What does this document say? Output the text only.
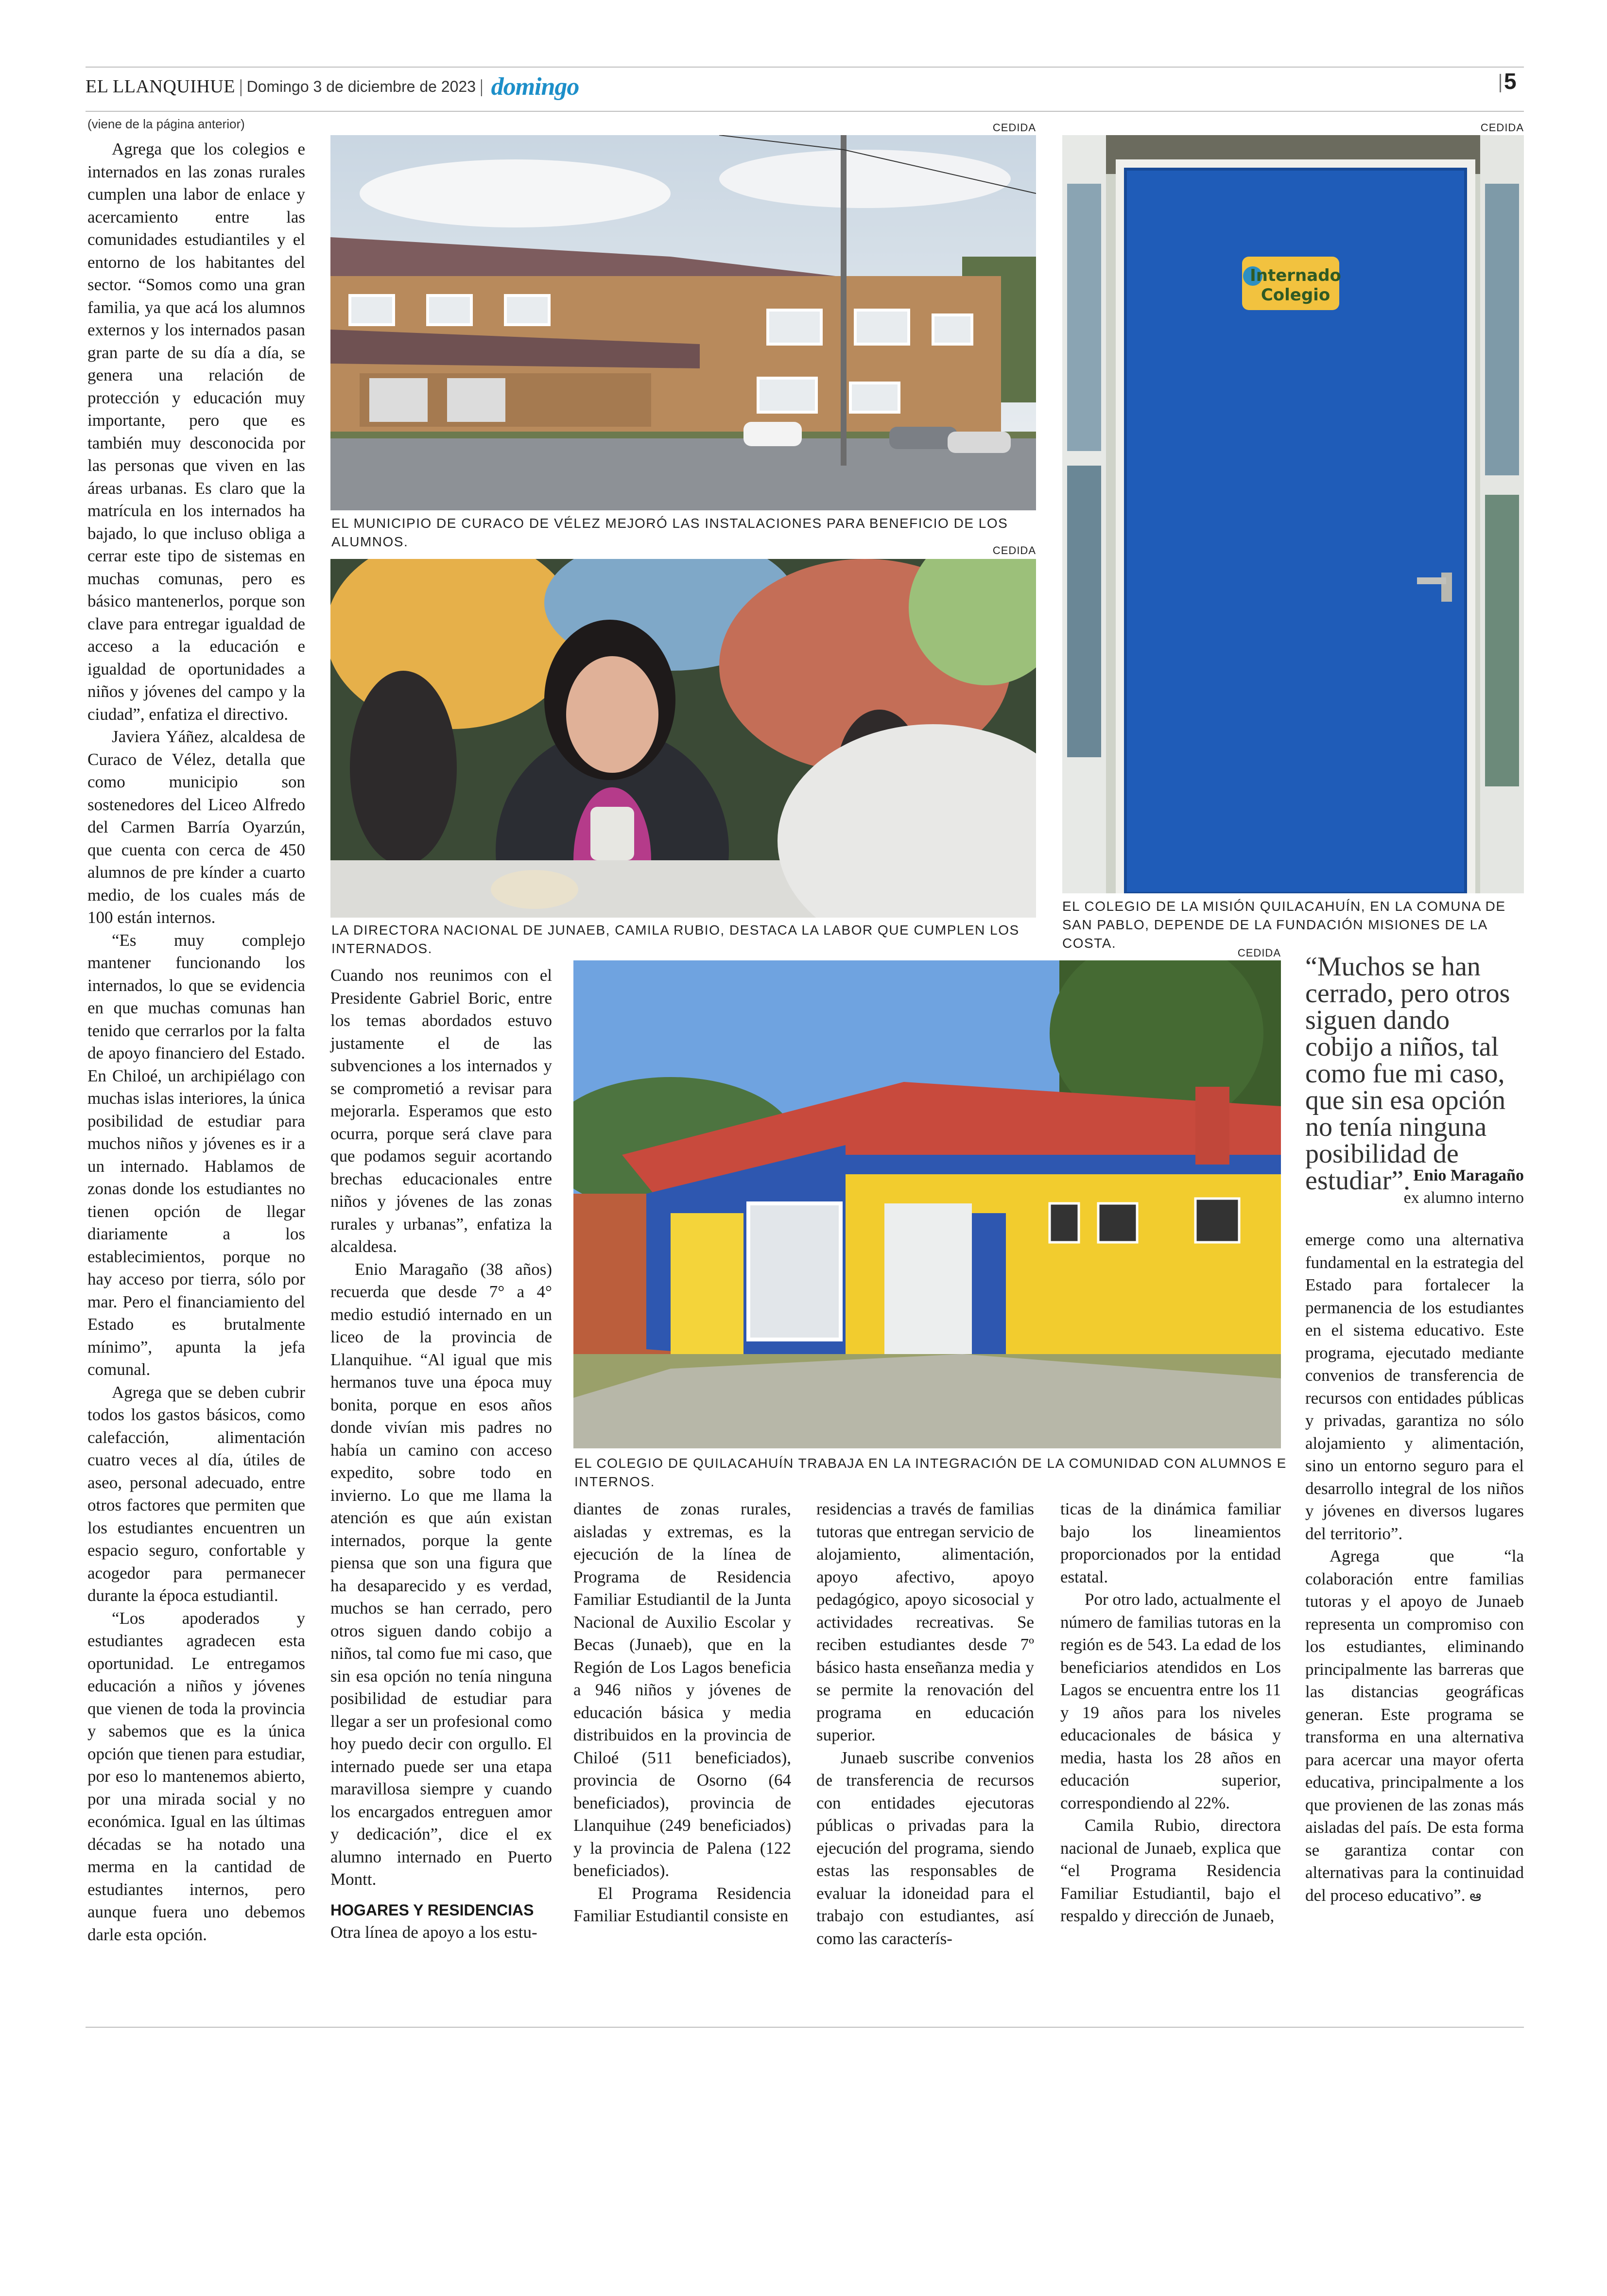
EL LLANQUIHUE | Domingo 3 de diciembre de 2023 | domingo	5
(viene de la página anterior)

Agrega que los colegios e internados en las zonas rurales cumplen una labor de enlace y acercamiento entre las comunidades estudiantiles y el entorno de los habitantes del sector. “Somos como una gran familia, ya que acá los alumnos externos y los internados pasan gran parte de su día a día, se genera una relación de protección y educación muy importante, pero que es también muy desconocida por las personas que viven en las áreas urbanas. Es claro que la matrícula en los internados ha bajado, lo que incluso obliga a cerrar este tipo de sistemas en muchas comunas, pero es básico mantenerlos, porque son clave para entregar igualdad de acceso a la educación e igualdad de oportunidades a niños y jóvenes del campo y la ciudad”, enfatiza el directivo.

Javiera Yáñez, alcaldesa de Curaco de Vélez, detalla que como municipio son sostenedores del Liceo Alfredo del Carmen Barría Oyarzún, que cuenta con cerca de 450 alumnos de pre kínder a cuarto medio, de los cuales más de 100 están internos.

“Es muy complejo mantener funcionando los internados, lo que se evidencia en que muchas comunas han tenido que cerrarlos por la falta de apoyo financiero del Estado. En Chiloé, un archipiélago con muchas islas interiores, la única posibilidad de estudiar para muchos niños y jóvenes es ir a un internado. Hablamos de zonas donde los estudiantes no tienen opción de llegar diariamente a los establecimientos, porque no hay acceso por tierra, sólo por mar. Pero el financiamiento del Estado es brutalmente mínimo”, apunta la jefa comunal.

Agrega que se deben cubrir todos los gastos básicos, como calefacción, alimentación cuatro veces al día, útiles de aseo, personal adecuado, entre otros factores que permiten que los estudiantes encuentren un espacio seguro, confortable y acogedor para permanecer durante la época estudiantil.

“Los apoderados y estudiantes agradecen esta oportunidad. Le entregamos educación a niños y jóvenes que vienen de toda la provincia y sabemos que es la única opción que tienen para estudiar, por eso lo mantenemos abierto, por una mirada social y no económica. Igual en las últimas décadas se ha notado una merma en la cantidad de estudiantes internos, pero aunque fuera uno debemos darle esta opción.

CEDIDA
EL MUNICIPIO DE CURACO DE VÉLEZ MEJORÓ LAS INSTALACIONES PARA BENEFICIO DE LOS ALUMNOS.
CEDIDA
LA DIRECTORA NACIONAL DE JUNAEB, CAMILA RUBIO, DESTACA LA LABOR QUE CUMPLEN LOS INTERNADOS.
CEDIDA
Internado
Colegio
EL COLEGIO DE LA MISIÓN QUILACAHUÍN, EN LA COMUNA DE SAN PABLO, DEPENDE DE LA FUNDACIÓN MISIONES DE LA COSTA.
CEDIDA
EL COLEGIO DE QUILACAHUÍN TRABAJA EN LA INTEGRACIÓN DE LA COMUNIDAD CON ALUMNOS E INTERNOS.

Cuando nos reunimos con el Presidente Gabriel Boric, entre los temas abordados estuvo justamente el de las subvenciones a los internados y se comprometió a revisar para mejorarla. Esperamos que esto ocurra, porque será clave para que podamos seguir acortando brechas educacionales entre niños y jóvenes de las zonas rurales y urbanas”, enfatiza la alcaldesa.

Enio Maragaño (38 años) recuerda que desde 7° a 4° medio estudió internado en un liceo de la provincia de Llanquihue. “Al igual que mis hermanos tuve una época muy bonita, porque en esos años donde vivían mis padres no había un camino con acceso expedito, sobre todo en invierno. Lo que me llama la atención es que aún existan internados, porque la gente piensa que son una figura que ha desaparecido y es verdad, muchos se han cerrado, pero otros siguen dando cobijo a niños, tal como fue mi caso, que sin esa opción no tenía ninguna posibilidad de estudiar para llegar a ser un profesional como hoy puedo decir con orgullo. El internado puede ser una etapa maravillosa siempre y cuando los encargados entreguen amor y dedicación”, dice el ex alumno internado en Puerto Montt.

HOGARES Y RESIDENCIAS

Otra línea de apoyo a los estu-

diantes de zonas rurales, aisladas y extremas, es la ejecución de la línea de Programa de Residencia Familiar Estudiantil de la Junta Nacional de Auxilio Escolar y Becas (Junaeb), que en la Región de Los Lagos beneficia a 946 niños y jóvenes de educación básica y media distribuidos en la provincia de Chiloé (511 beneficiados), provincia de Osorno (64 beneficiados), provincia de Llanquihue (249 beneficiados) y la provincia de Palena (122 beneficiados).

El Programa Residencia Familiar Estudiantil consiste en

residencias a través de familias tutoras que entregan servicio de alojamiento, alimentación, apoyo afectivo, apoyo pedagógico, apoyo sicosocial y actividades recreativas. Se reciben estudiantes desde 7º básico hasta enseñanza media y se permite la renovación del programa en educación superior.

Junaeb suscribe convenios de transferencia de recursos con entidades ejecutoras públicas o privadas para la ejecución del programa, siendo estas las responsables de evaluar la idoneidad para el trabajo con estudiantes, así como las caracterís-

ticas de la dinámica familiar bajo los lineamientos proporcionados por la entidad estatal.

Por otro lado, actualmente el número de familias tutoras en la región es de 543. La edad de los beneficiarios atendidos en Los Lagos se encuentra entre los 11 y 19 años para los niveles educacionales de básica y media, hasta los 28 años en educación superior, correspondiendo al 22%.

Camila Rubio, directora nacional de Junaeb, explica que “el Programa Residencia Familiar Estudiantil, bajo el respaldo y dirección de Junaeb,

“Muchos se han cerrado, pero otros siguen dando cobijo a niños, tal como fue mi caso, que sin esa opción no tenía ninguna posibilidad de estudiar”. Enio Maragaño
ex alumno interno

emerge como una alternativa fundamental en la estrategia del Estado para fortalecer la permanencia de los estudiantes en el sistema educativo. Este programa, ejecutado mediante convenios de transferencia de recursos con entidades públicas y privadas, garantiza no sólo alojamiento y alimentación, sino un entorno seguro para el desarrollo integral de los niños y jóvenes en diversos lugares del territorio”.

Agrega que “la colaboración entre familias tutoras y el apoyo de Junaeb representa un compromiso con los estudiantes, eliminando principalmente las barreras que las distancias geográficas generan. Este programa se transforma en una alternativa para acercar una mayor oferta educativa, principalmente a los que provienen de las zonas más aisladas del país. De esta forma se garantiza contar con alternativas para la continuidad del proceso educativo”. ఆ
